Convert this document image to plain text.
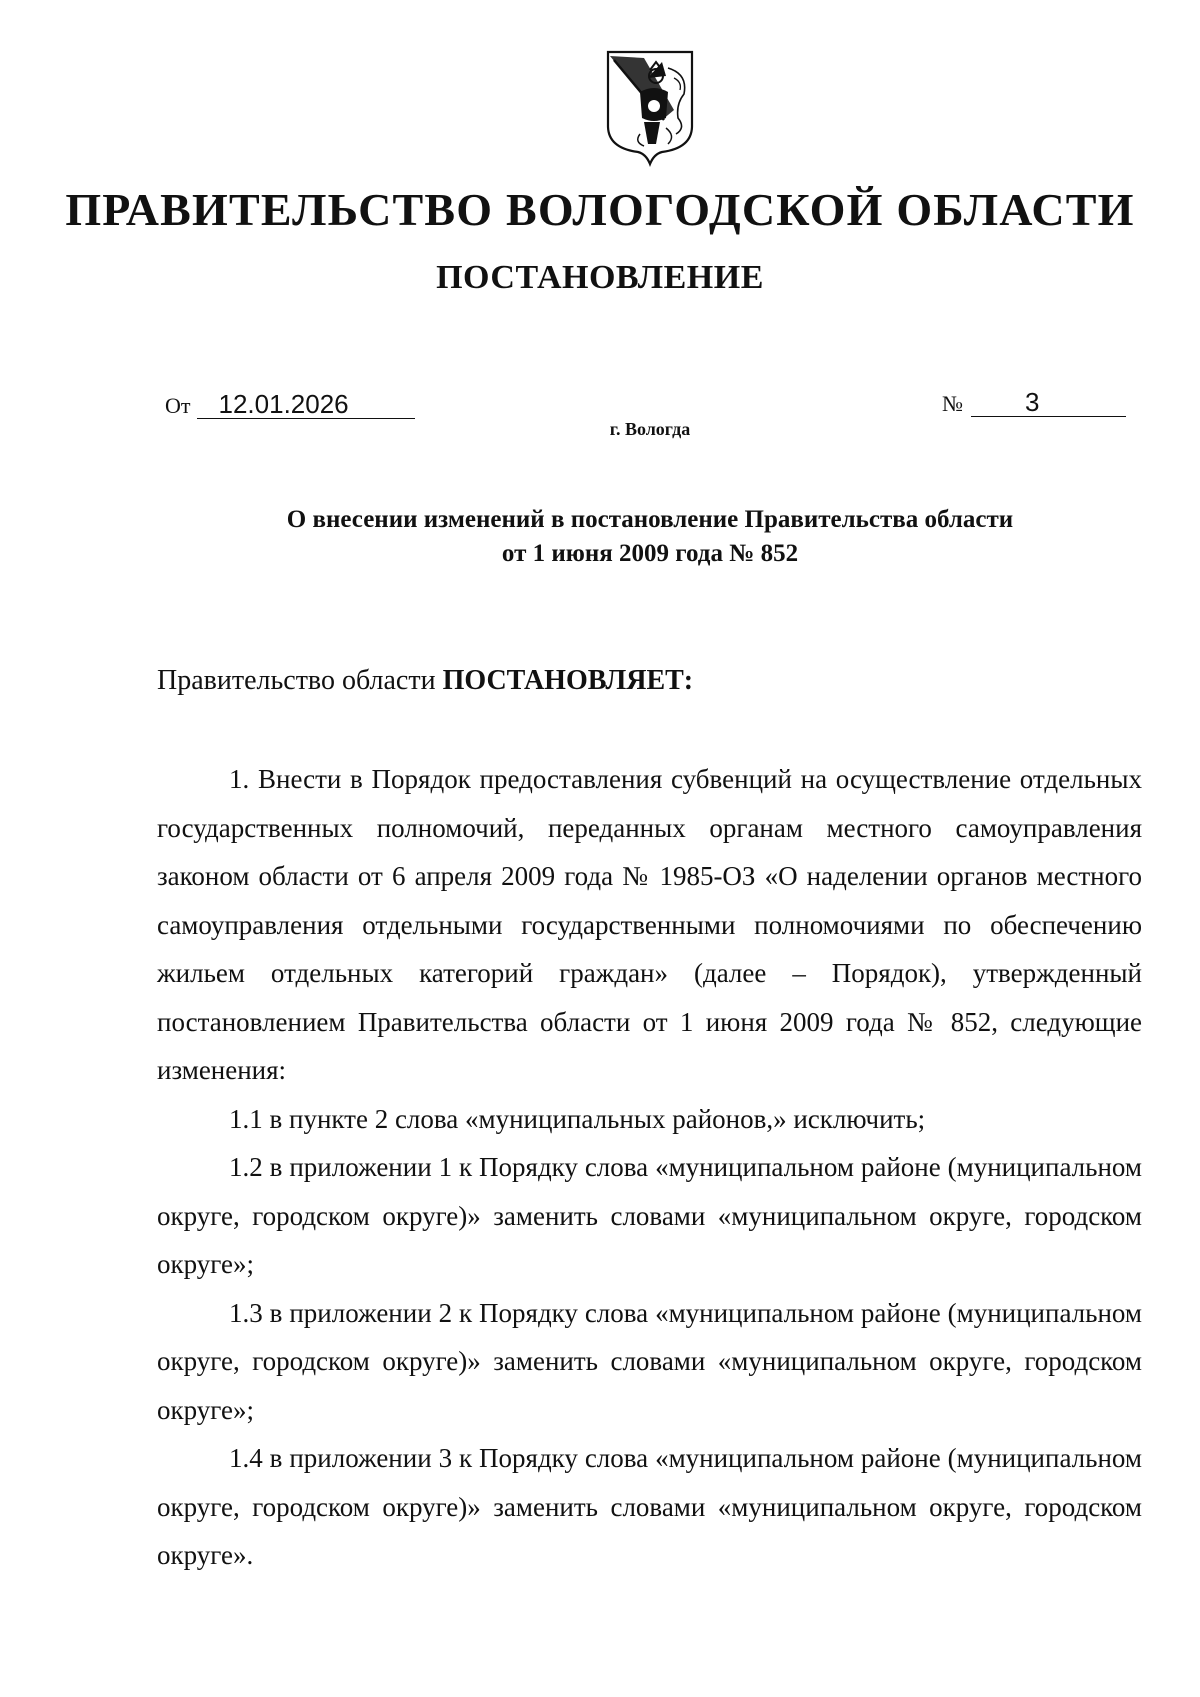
ПРАВИТЕЛЬСТВО ВОЛОГОДСКОЙ ОБЛАСТИ
ПОСТАНОВЛЕНИЕ
От 12.01.2026	№ 3
г. Вологда
О внесении изменений в постановление Правительства области
от 1 июня 2009 года № 852
Правительство области ПОСТАНОВЛЯЕТ:

1. Внести в Порядок предоставления субвенций на осуществление отдельных государственных полномочий, переданных органам местного самоуправления законом области от 6 апреля 2009 года № 1985-ОЗ «О наделении органов местного самоуправления отдельными государственными полномочиями по обеспечению жильем отдельных категорий граждан» (далее – Порядок), утвержденный постановлением Правительства области от 1 июня 2009 года № 852, следующие изменения:

1.1 в пункте 2 слова «муниципальных районов,» исключить;

1.2 в приложении 1 к Порядку слова «муниципальном районе (муниципальном округе, городском округе)» заменить словами «муниципальном округе, городском округе»;

1.3 в приложении 2 к Порядку слова «муниципальном районе (муниципальном округе, городском округе)» заменить словами «муниципальном округе, городском округе»;

1.4 в приложении 3 к Порядку слова «муниципальном районе (муниципальном округе, городском округе)» заменить словами «муниципальном округе, городском округе».
